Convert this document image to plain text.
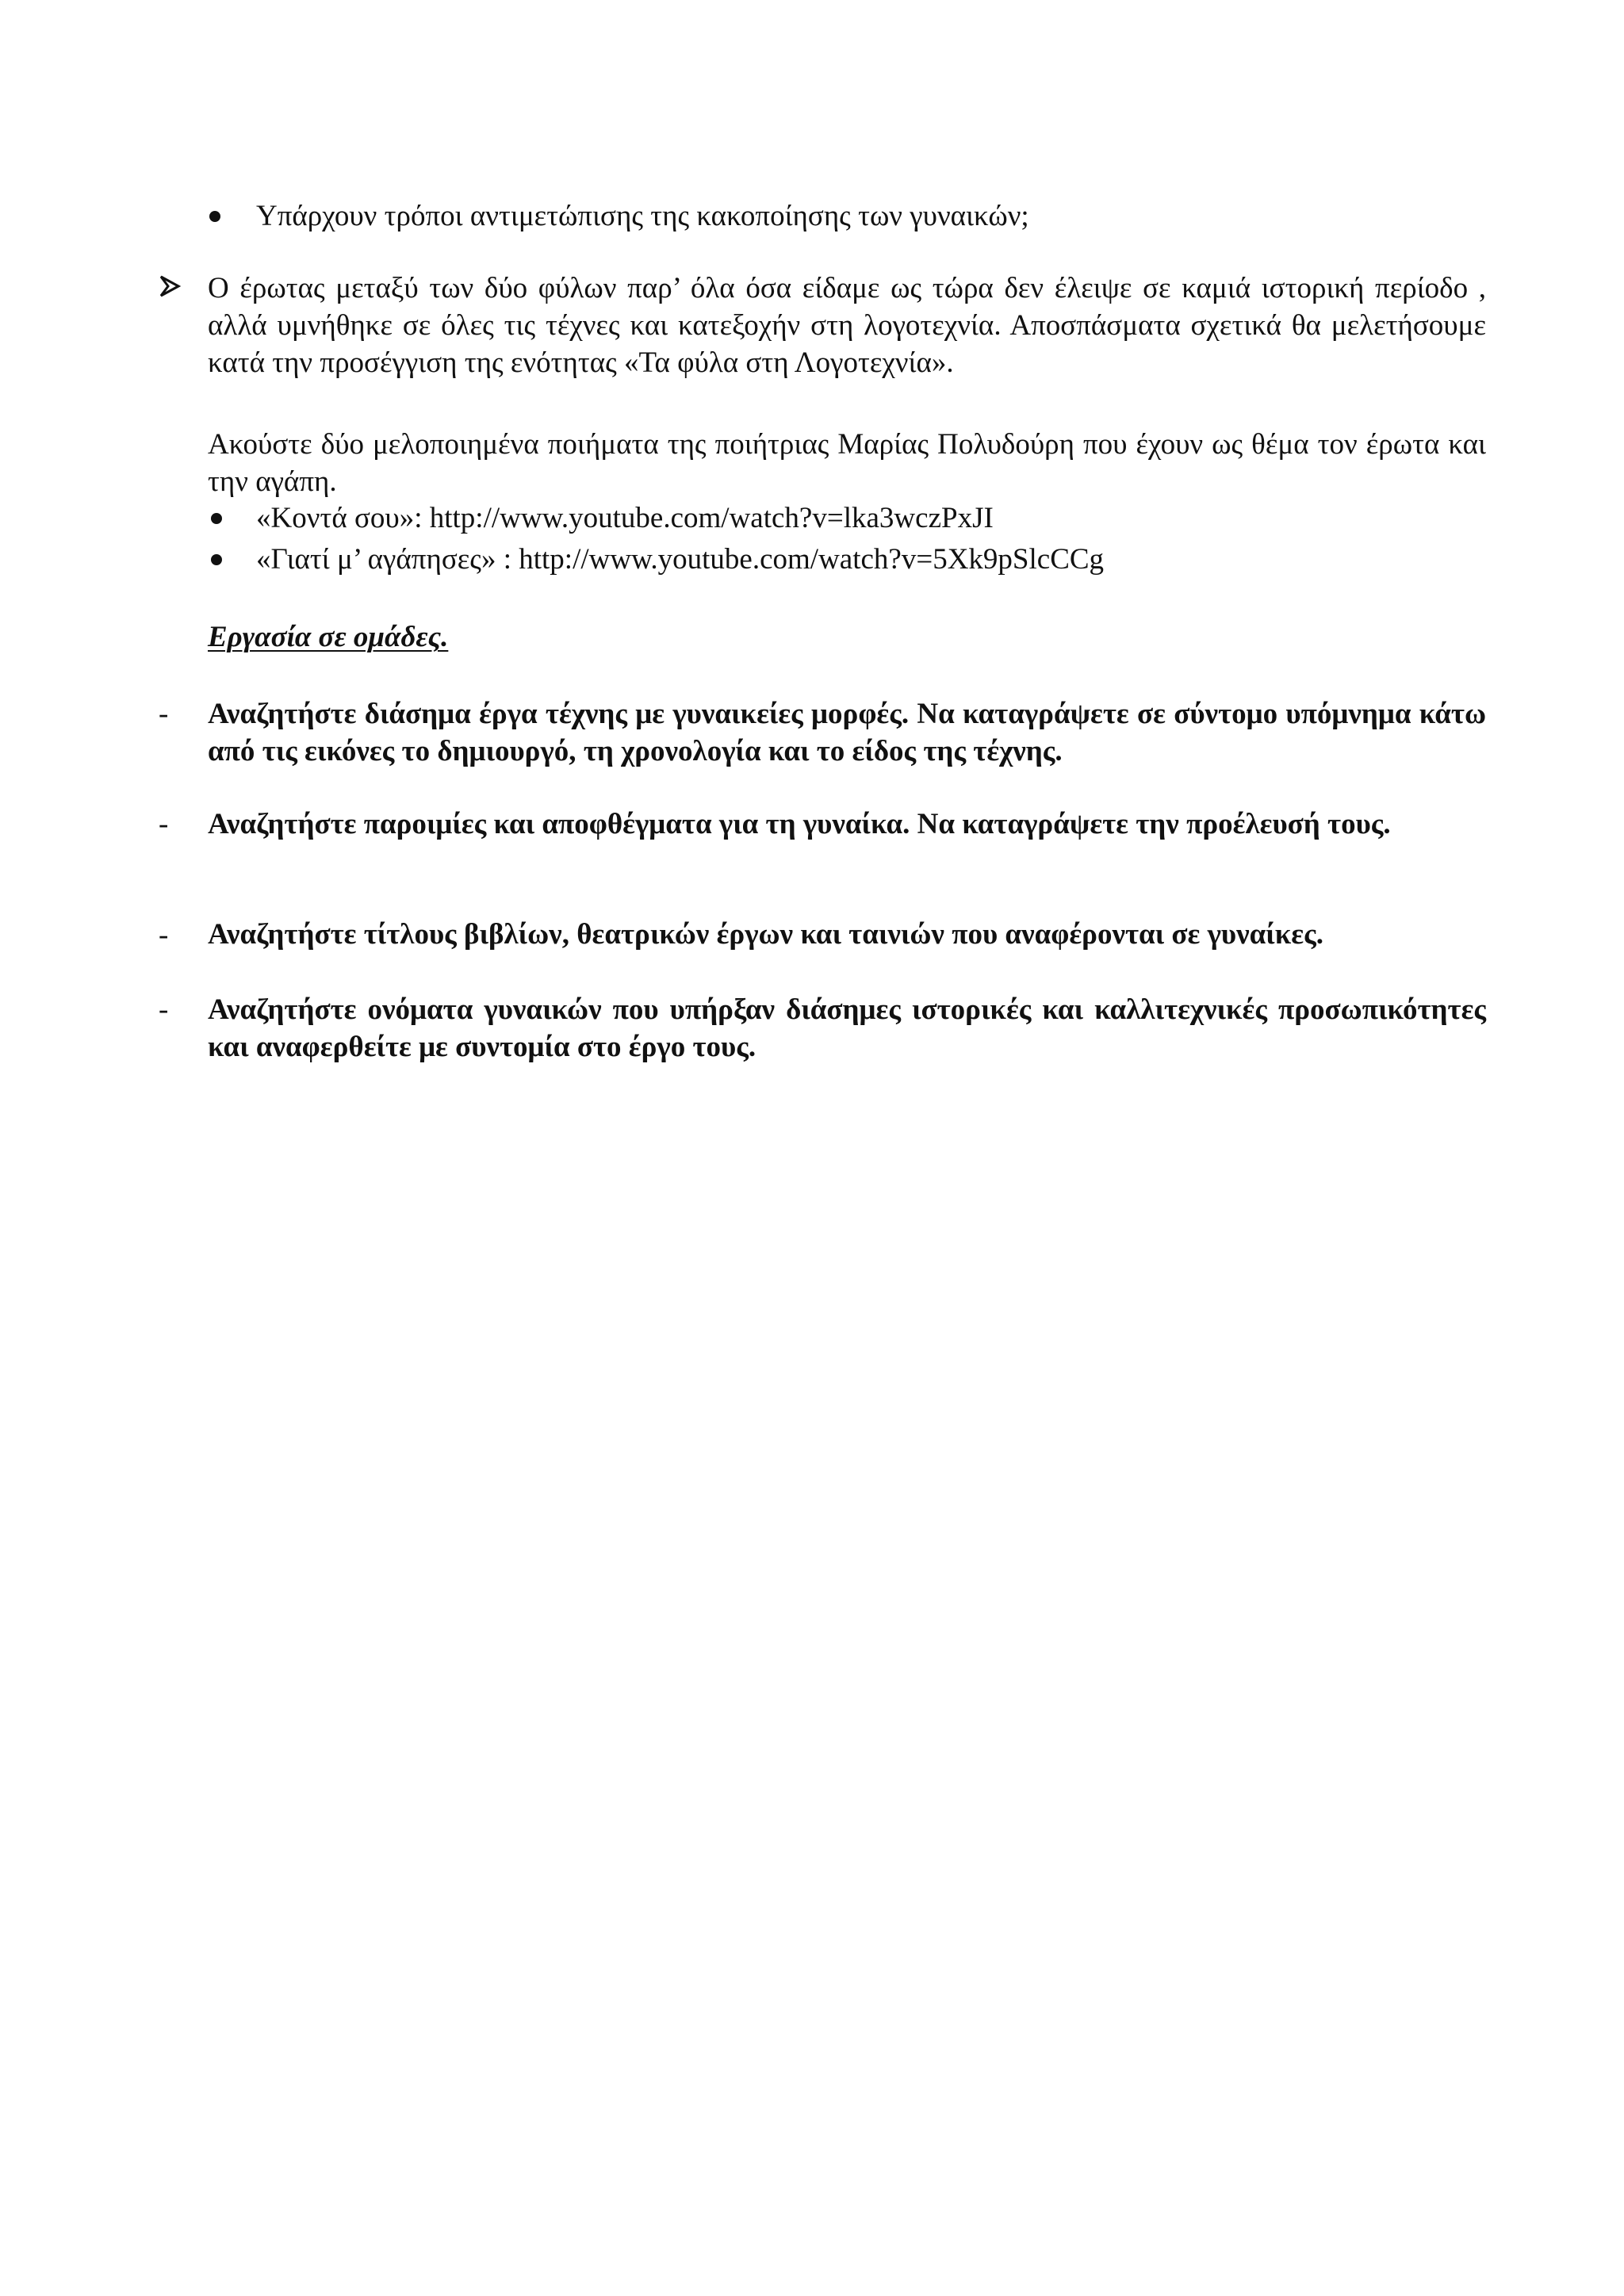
Υπάρχουν τρόποι αντιμετώπισης της κακοποίησης των γυναικών;
Ο έρωτας μεταξύ των δύο φύλων παρ’ όλα όσα είδαμε ως τώρα δεν έλειψε σε καμιά ιστορική περίοδο , αλλά υμνήθηκε σε όλες τις τέχνες και κατεξοχήν στη λογοτεχνία. Αποσπάσματα σχετικά θα μελετήσουμε κατά την προσέγγιση της ενότητας «Τα φύλα στη Λογοτεχνία».
Ακούστε δύο μελοποιημένα ποιήματα της ποιήτριας Μαρίας Πολυδούρη που έχουν ως θέμα τον έρωτα και την αγάπη.
«Κοντά σου»: http://www.youtube.com/watch?v=lka3wczPxJI
«Γιατί μ’ αγάπησες» : http://www.youtube.com/watch?v=5Xk9pSlcCCg
Εργασία σε ομάδες.
- Αναζητήστε διάσημα έργα τέχνης με γυναικείες μορφές. Να καταγράψετε σε σύντομο υπόμνημα κάτω από τις εικόνες το δημιουργό, τη χρονολογία και το είδος της τέχνης.
- Αναζητήστε παροιμίες και αποφθέγματα για τη γυναίκα. Να καταγράψετε την προέλευσή τους.
- Αναζητήστε τίτλους βιβλίων, θεατρικών έργων και ταινιών που αναφέρονται σε γυναίκες.
- Αναζητήστε ονόματα γυναικών που υπήρξαν διάσημες ιστορικές και καλλιτεχνικές προσωπικότητες και αναφερθείτε με συντομία στο έργο τους.
